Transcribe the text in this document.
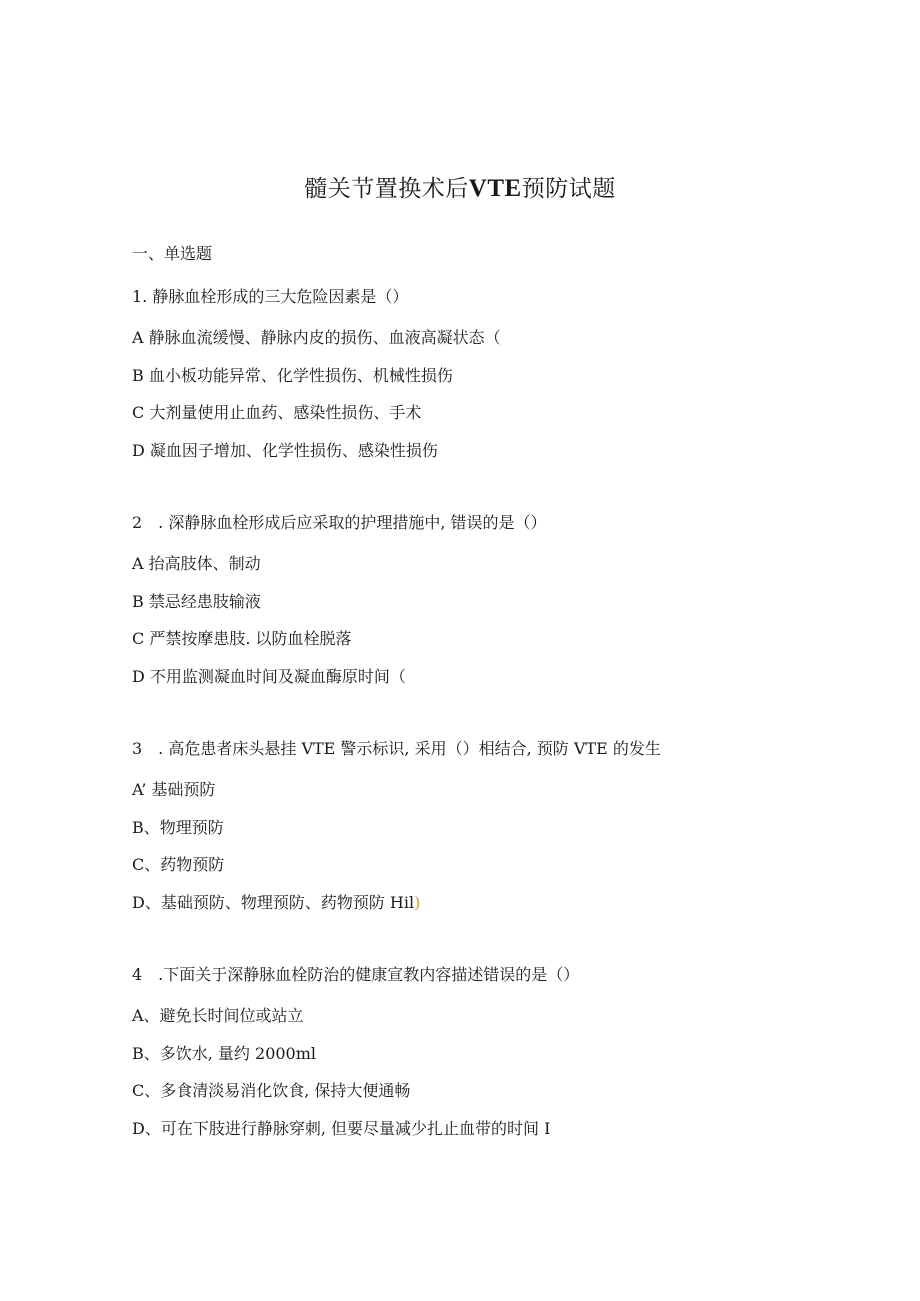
髓关节置换术后VTE预防试题
一、单选题
1. 静脉血栓形成的三大危险因素是（）
A 静脉血流缓慢、静脉内皮的损伤、血液高凝状态（
B 血小板功能异常、化学性损伤、机械性损伤
C 大剂量使用止血药、感染性损伤、手术
D 凝血因子增加、化学性损伤、感染性损伤
2　. 深静脉血栓形成后应采取的护理措施中, 错误的是（）
A 抬高肢体、制动
B 禁忌经患肢输液
C 严禁按摩患肢. 以防血栓脱落
D 不用监测凝血时间及凝血酶原时间（
3　. 高危患者床头悬挂 VTE 警示标识, 采用（）相结合, 预防 VTE 的发生
A’ 基础预防
B、物理预防
C、药物预防
D、基础预防、物理预防、药物预防 Hil)
4　.下面关于深静脉血栓防治的健康宣教内容描述错误的是（）
A、避免长时间位或站立
B、多饮水, 量约 2000ml
C、多食清淡易消化饮食, 保持大便通畅
D、可在下肢进行静脉穿刺, 但要尽量减少扎止血带的时间 I
